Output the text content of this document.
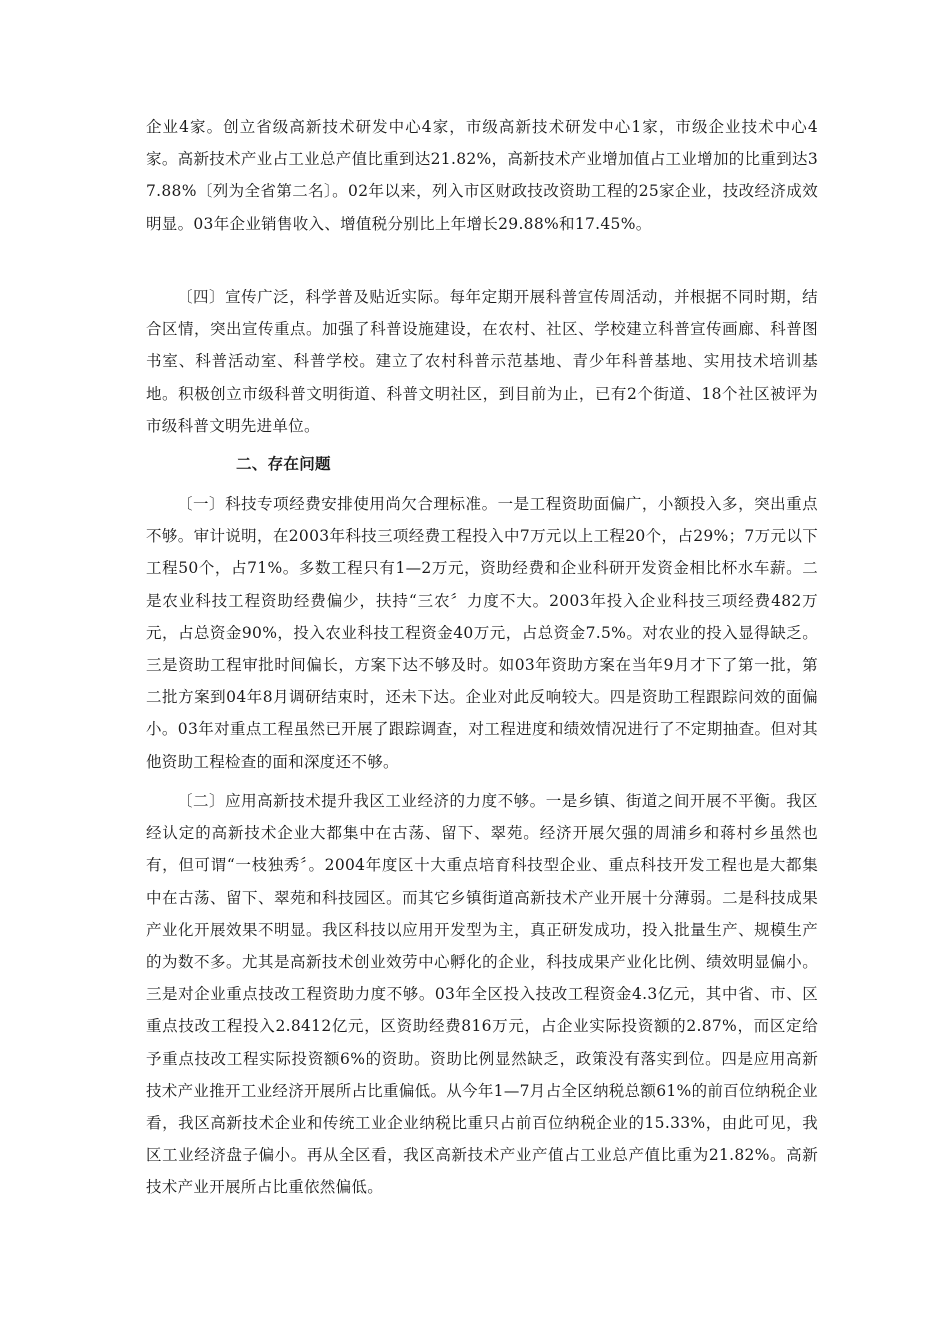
企业4家。创立省级高新技术研发中心4家，市级高新技术研发中心1家，市级企业技术中心4家。高新技术产业占工业总产值比重到达21.82%，高新技术产业增加值占工业增加的比重到达37.88%〔列为全省第二名〕。02年以来，列入市区财政技改资助工程的25家企业，技改经济成效明显。03年企业销售收入、增值税分别比上年增长29.88%和17.45%。

〔四〕宣传广泛，科学普及贴近实际。每年定期开展科普宣传周活动，并根据不同时期，结合区情，突出宣传重点。加强了科普设施建设，在农村、社区、学校建立科普宣传画廊、科普图书室、科普活动室、科普学校。建立了农村科普示范基地、青少年科普基地、实用技术培训基地。积极创立市级科普文明街道、科普文明社区，到目前为止，已有2个街道、18个社区被评为市级科普文明先进单位。

二、存在问题

〔一〕科技专项经费安排使用尚欠合理标准。一是工程资助面偏广，小额投入多，突出重点不够。审计说明，在2003年科技三项经费工程投入中7万元以上工程20个，占29%；7万元以下工程50个，占71%。多数工程只有1—2万元，资助经费和企业科研开发资金相比杯水车薪。二是农业科技工程资助经费偏少，扶持“三农〞力度不大。2003年投入企业科技三项经费482万元，占总资金90%，投入农业科技工程资金40万元，占总资金7.5%。对农业的投入显得缺乏。三是资助工程审批时间偏长，方案下达不够及时。如03年资助方案在当年9月才下了第一批，第二批方案到04年8月调研结束时，还未下达。企业对此反响较大。四是资助工程跟踪问效的面偏小。03年对重点工程虽然已开展了跟踪调查，对工程进度和绩效情况进行了不定期抽查。但对其他资助工程检查的面和深度还不够。

〔二〕应用高新技术提升我区工业经济的力度不够。一是乡镇、街道之间开展不平衡。我区经认定的高新技术企业大都集中在古荡、留下、翠苑。经济开展欠强的周浦乡和蒋村乡虽然也有，但可谓“一枝独秀〞。2004年度区十大重点培育科技型企业、重点科技开发工程也是大都集中在古荡、留下、翠苑和科技园区。而其它乡镇街道高新技术产业开展十分薄弱。二是科技成果产业化开展效果不明显。我区科技以应用开发型为主，真正研发成功，投入批量生产、规模生产的为数不多。尤其是高新技术创业效劳中心孵化的企业，科技成果产业化比例、绩效明显偏小。三是对企业重点技改工程资助力度不够。03年全区投入技改工程资金4.3亿元，其中省、市、区重点技改工程投入2.8412亿元，区资助经费816万元，占企业实际投资额的2.87%，而区定给予重点技改工程实际投资额6%的资助。资助比例显然缺乏，政策没有落实到位。四是应用高新技术产业推开工业经济开展所占比重偏低。从今年1—7月占全区纳税总额61%的前百位纳税企业看，我区高新技术企业和传统工业企业纳税比重只占前百位纳税企业的15.33%，由此可见，我区工业经济盘子偏小。再从全区看，我区高新技术产业产值占工业总产值比重为21.82%。高新技术产业开展所占比重依然偏低。
